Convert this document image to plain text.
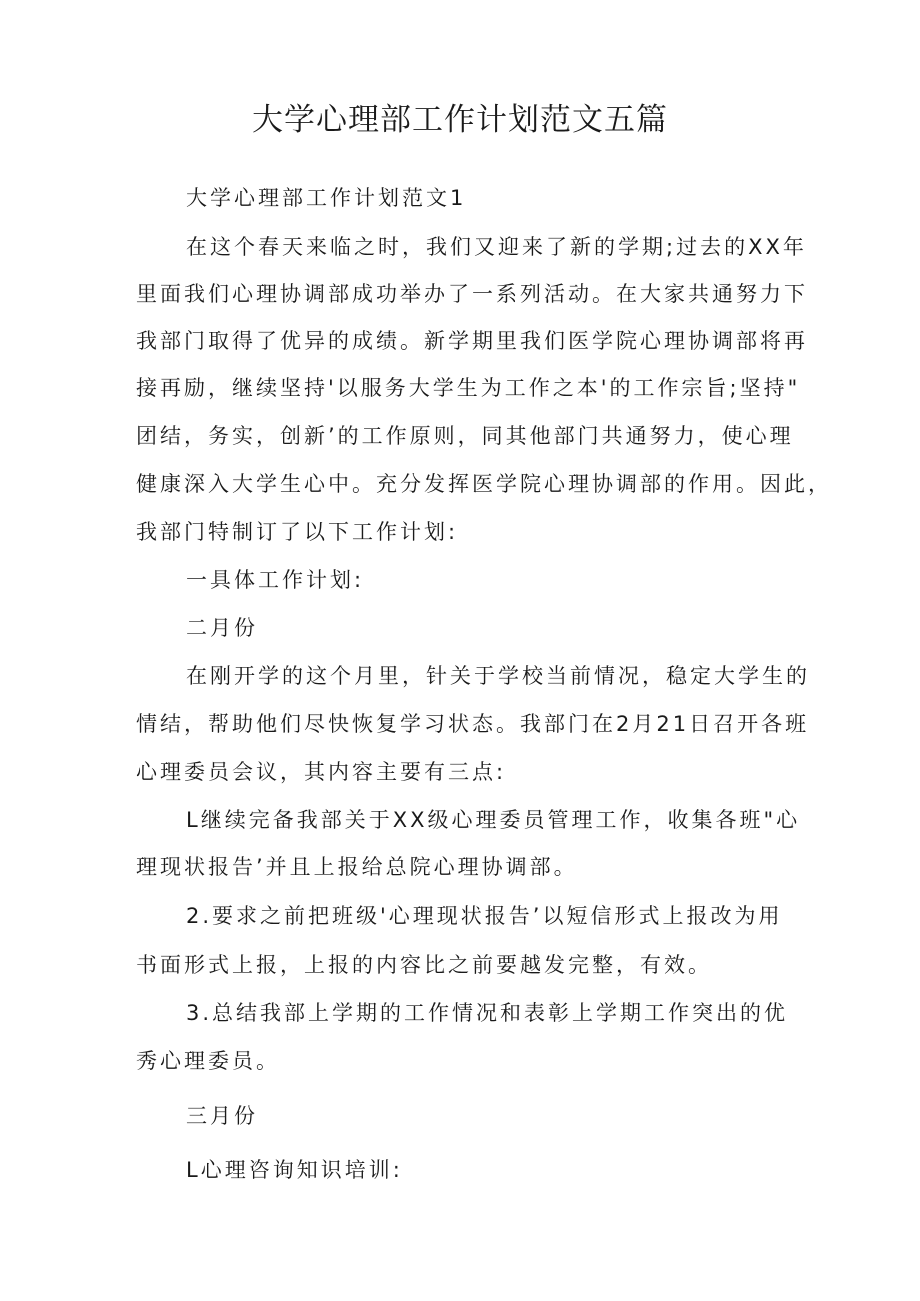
大学心理部工作计划范文五篇
大学心理部工作计划范文1
在这个春天来临之时，我们又迎来了新的学期;过去的XX年
里面我们心理协调部成功举办了一系列活动。在大家共通努力下
我部门取得了优异的成绩。新学期里我们医学院心理协调部将再
接再励，继续坚持'以服务大学生为工作之本'的工作宗旨;坚持"
团结，务实，创新’的工作原则，同其他部门共通努力，使心理
健康深入大学生心中。充分发挥医学院心理协调部的作用。因此，
我部门特制订了以下工作计划:
一具体工作计划:
二月份
在刚开学的这个月里，针关于学校当前情况，稳定大学生的
情结，帮助他们尽快恢复学习状态。我部门在2月21日召开各班
心理委员会议，其内容主要有三点:
L继续完备我部关于XX级心理委员管理工作，收集各班"心
理现状报告’并且上报给总院心理协调部。
2.要求之前把班级'心理现状报告’以短信形式上报改为用
书面形式上报，上报的内容比之前要越发完整，有效。
3.总结我部上学期的工作情况和表彰上学期工作突出的优
秀心理委员。
三月份
L心理咨询知识培训:
